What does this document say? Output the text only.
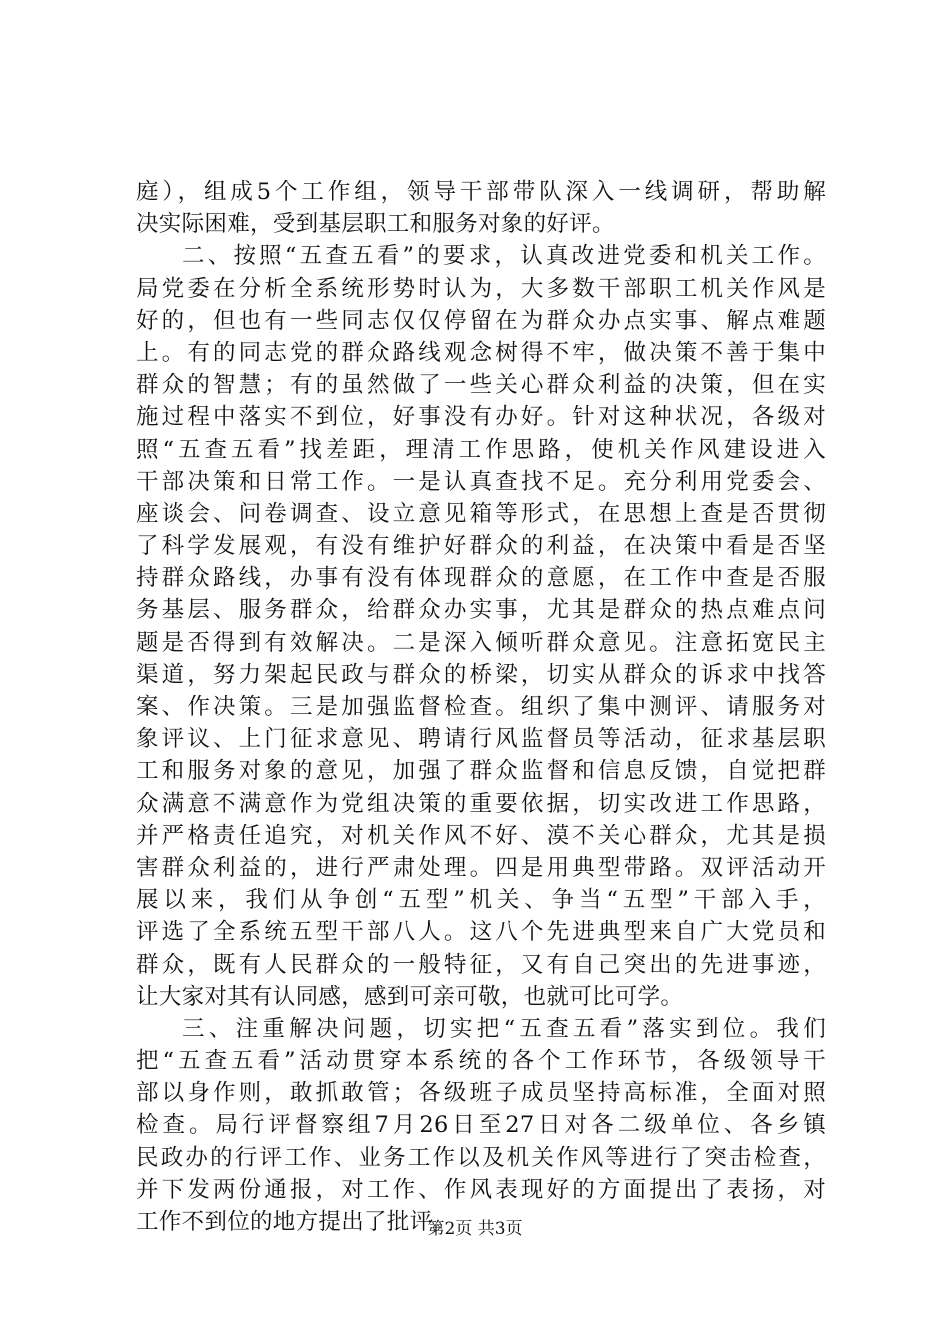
庭），组成5个工作组，领导干部带队深入一线调研，帮助解
决实际困难，受到基层职工和服务对象的好评。
二、按照“五查五看”的要求，认真改进党委和机关工作。
局党委在分析全系统形势时认为，大多数干部职工机关作风是
好的，但也有一些同志仅仅停留在为群众办点实事、解点难题
上。有的同志党的群众路线观念树得不牢，做决策不善于集中
群众的智慧；有的虽然做了一些关心群众利益的决策，但在实
施过程中落实不到位，好事没有办好。针对这种状况，各级对
照“五查五看”找差距，理清工作思路，使机关作风建设进入
干部决策和日常工作。一是认真查找不足。充分利用党委会、
座谈会、问卷调查、设立意见箱等形式，在思想上查是否贯彻
了科学发展观，有没有维护好群众的利益，在决策中看是否坚
持群众路线，办事有没有体现群众的意愿，在工作中查是否服
务基层、服务群众，给群众办实事，尤其是群众的热点难点问
题是否得到有效解决。二是深入倾听群众意见。注意拓宽民主
渠道，努力架起民政与群众的桥梁，切实从群众的诉求中找答
案、作决策。三是加强监督检查。组织了集中测评、请服务对
象评议、上门征求意见、聘请行风监督员等活动，征求基层职
工和服务对象的意见，加强了群众监督和信息反馈，自觉把群
众满意不满意作为党组决策的重要依据，切实改进工作思路，
并严格责任追究，对机关作风不好、漠不关心群众，尤其是损
害群众利益的，进行严肃处理。四是用典型带路。双评活动开
展以来，我们从争创“五型”机关、争当“五型”干部入手，
评选了全系统五型干部八人。这八个先进典型来自广大党员和
群众，既有人民群众的一般特征，又有自己突出的先进事迹，
让大家对其有认同感，感到可亲可敬，也就可比可学。
三、注重解决问题，切实把“五查五看”落实到位。我们
把“五查五看”活动贯穿本系统的各个工作环节，各级领导干
部以身作则，敢抓敢管；各级班子成员坚持高标准，全面对照
检查。局行评督察组7月26日至27日对各二级单位、各乡镇
民政办的行评工作、业务工作以及机关作风等进行了突击检查，
并下发两份通报，对工作、作风表现好的方面提出了表扬，对
工作不到位的地方提出了批评。
第2页 共3页
